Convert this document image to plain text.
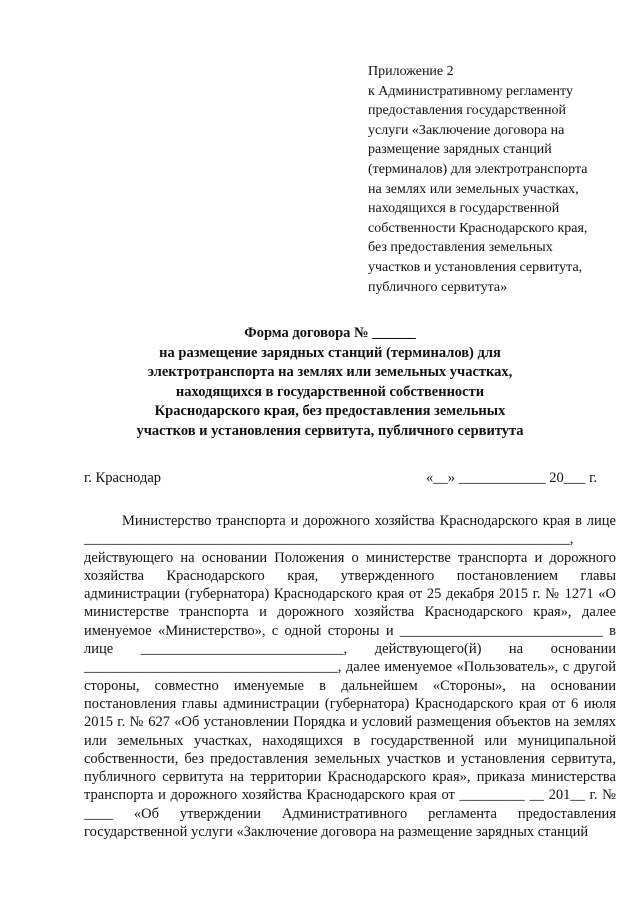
Приложение 2
к Административному регламенту
предоставления государственной
услуги «Заключение договора на
размещение зарядных станций
(терминалов) для электротранспорта
на землях или земельных участках,
находящихся в государственной
собственности Краснодарского края,
без предоставления земельных
участков и установления сервитута,
публичного сервитута»
Форма договора № ______
на размещение зарядных станций (терминалов) для
электротранспорта на землях или земельных участках,
находящихся в государственной собственности
Краснодарского края, без предоставления земельных
участков и установления сервитута, публичного сервитута
г. Краснодар	«__» ____________ 20___ г.

Министерство транспорта и дорожного хозяйства Краснодарского края в лице ___________________________________________________________________, действующего на основании Положения о министерстве транспорта и дорожного хозяйства Краснодарского края, утвержденного постановлением главы администрации (губернатора) Краснодарского края от 25 декабря 2015 г. № 1271 «О министерстве транспорта и дорожного хозяйства Краснодарского края», далее именуемое «Министерство», с одной стороны и ____________________________ в лице ____________________________, действующего(й) на основании ___________________________________, далее именуемое «Пользователь», с другой стороны, совместно именуемые в дальнейшем «Стороны», на основании постановления главы администрации (губернатора) Краснодарского края от 6 июля 2015 г. № 627 «Об установлении Порядка и условий размещения объектов на землях или земельных участках, находящихся в государственной или муниципальной собственности, без предоставления земельных участков и установления сервитута, публичного сервитута на территории Краснодарского края», приказа министерства транспорта и дорожного хозяйства Краснодарского края от _________ __ 201__ г. № ____ «Об утверждении Административного регламента предоставления государственной услуги «Заключение договора на размещение зарядных станций
